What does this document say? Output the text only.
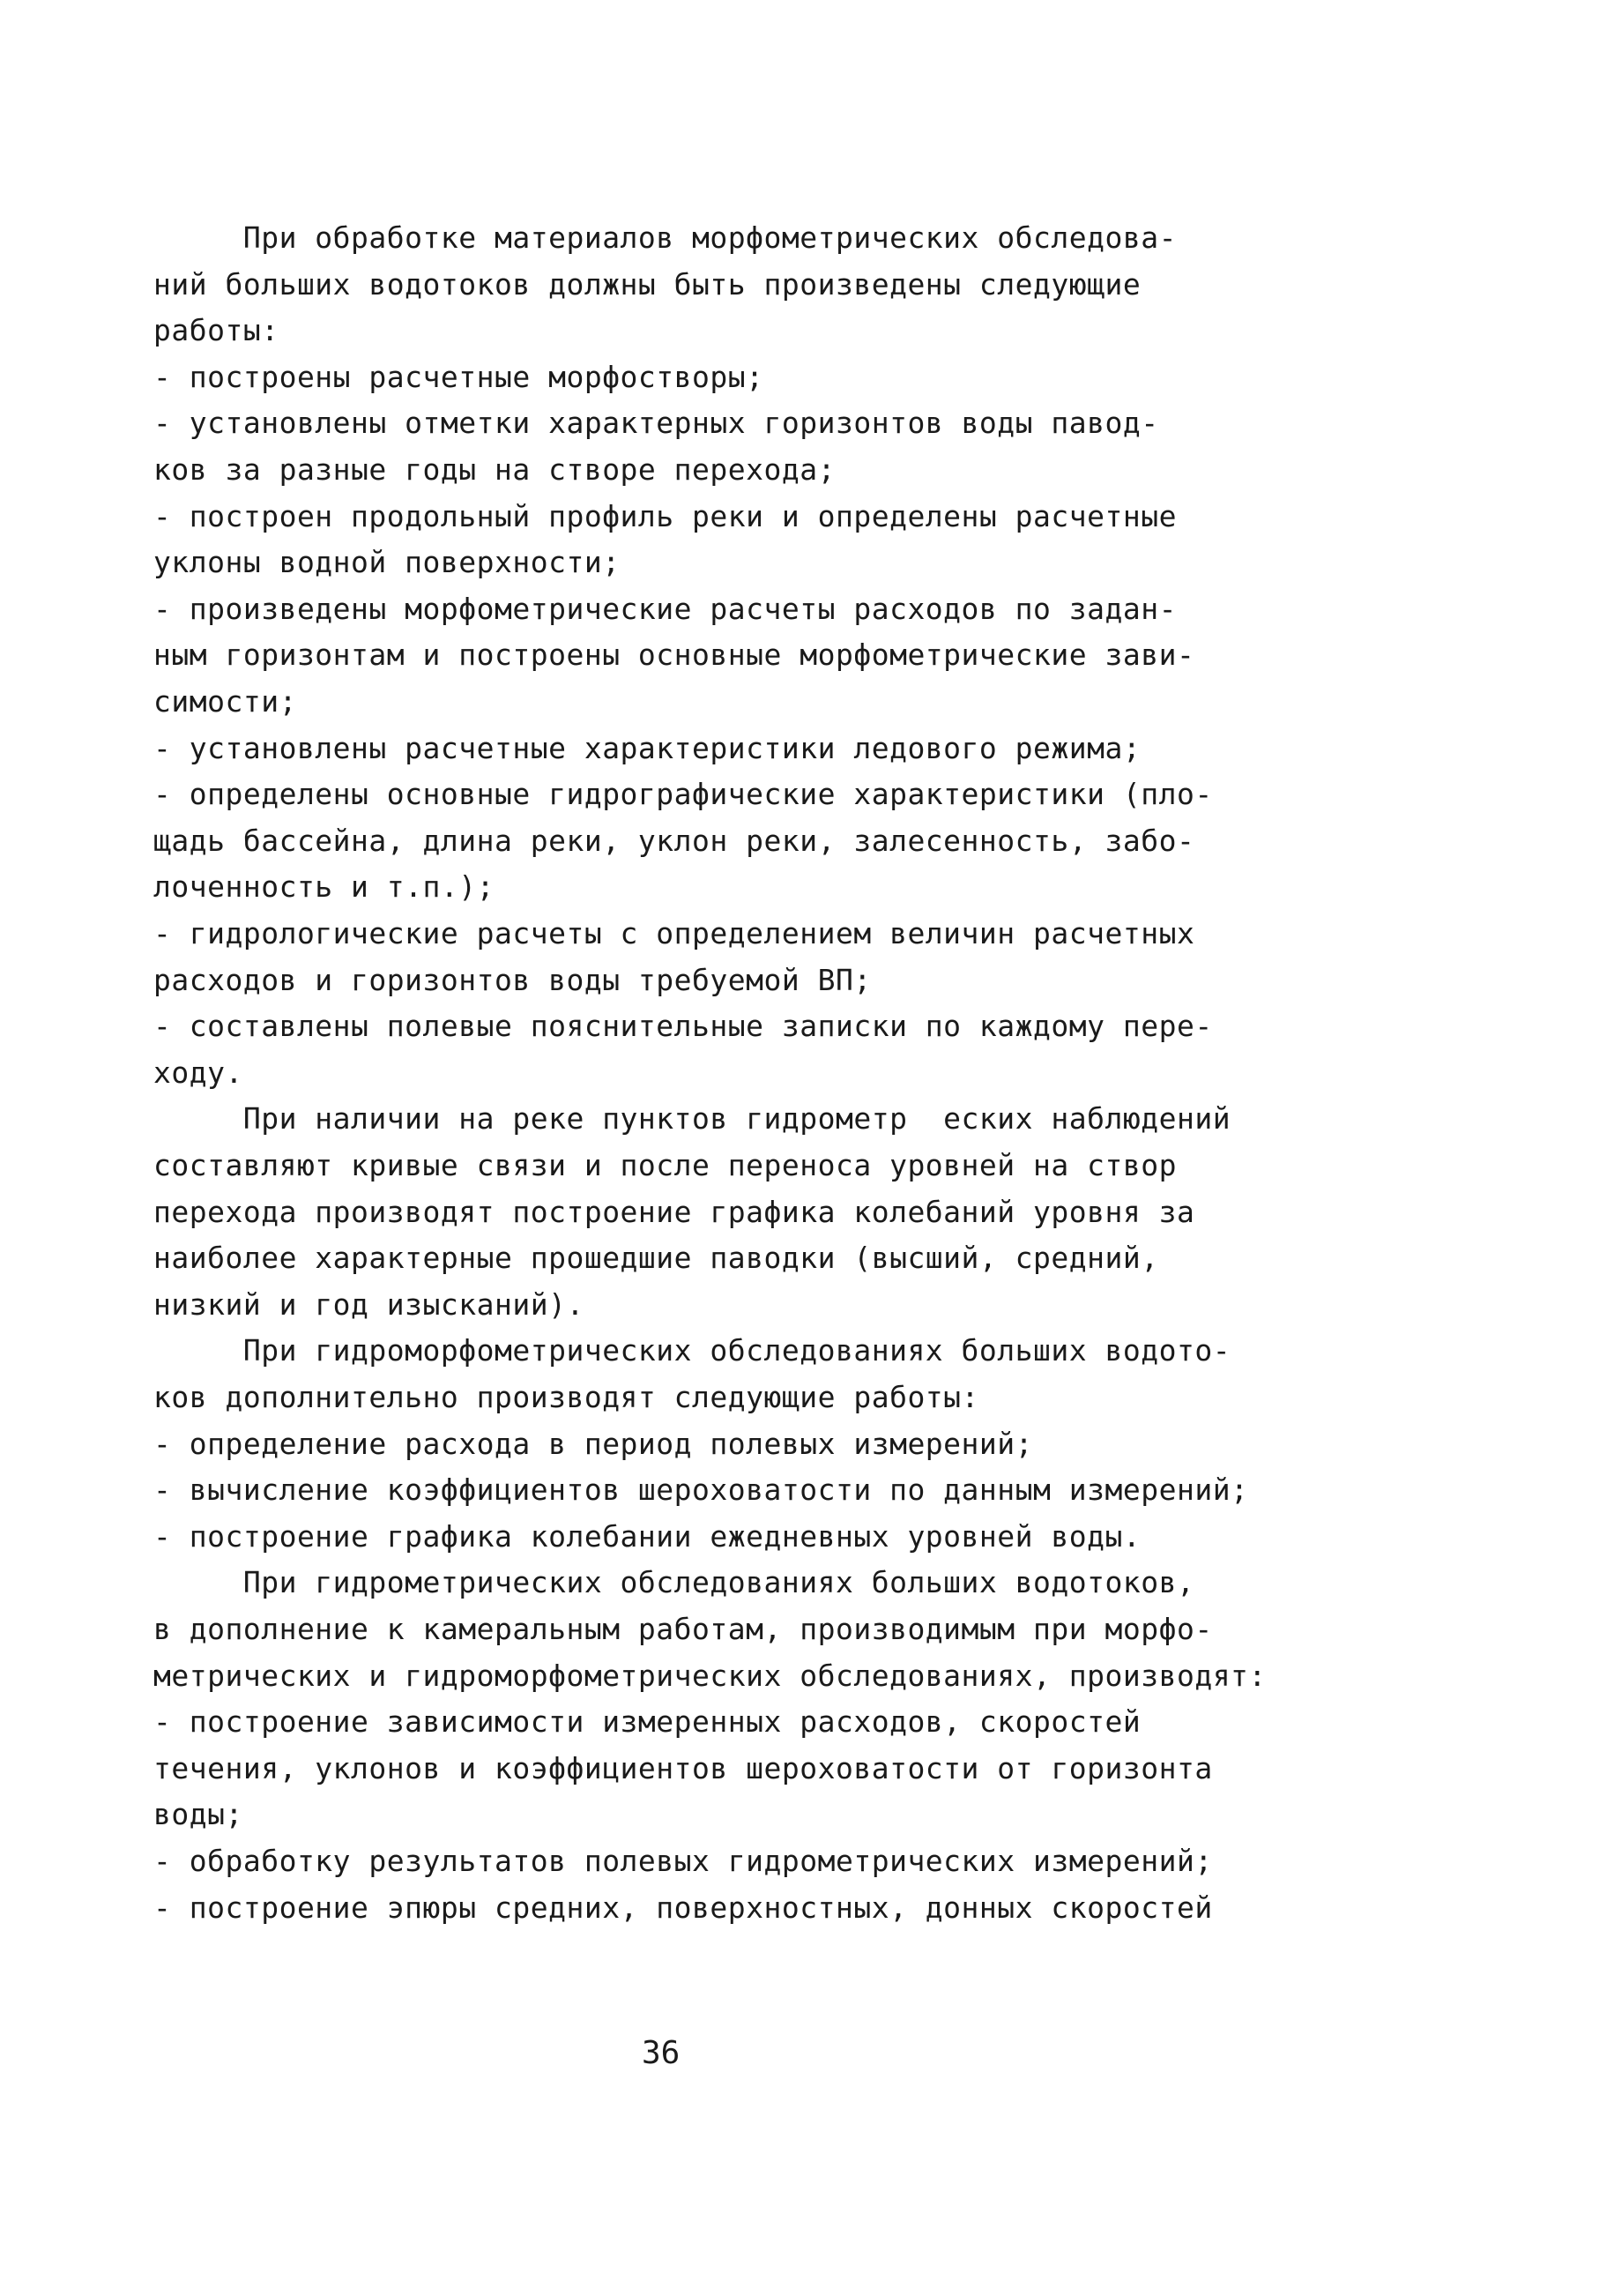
При обработке материалов морфометрических обследова-
ний больших водотоков должны быть произведены следующие
работы:
- построены расчетные морфостворы;
- установлены отметки характерных горизонтов воды павод-
ков за разные годы на створе перехода;
- построен продольный профиль реки и определены расчетные
уклоны водной поверхности;
- произведены морфометрические расчеты расходов по задан-
ным горизонтам и построены основные морфометрические зави-
симости;
- установлены расчетные характеристики ледового режима;
- определены основные гидрографические характеристики (пло-
щадь бассейна, длина реки, уклон реки, залесенность, забо-
лоченность и т.п.);
- гидрологические расчеты с определением величин расчетных
расходов и горизонтов воды требуемой ВП;
- составлены полевые пояснительные записки по каждому пере-
ходу.
При наличии на реке пунктов гидрометр  еских наблюдений
составляют кривые связи и после переноса уровней на створ
перехода производят построение графика колебаний уровня за
наиболее характерные прошедшие паводки (высший, средний,
низкий и год изысканий).
При гидроморфометрических обследованиях больших водото-
ков дополнительно производят следующие работы:
- определение расхода в период полевых измерений;
- вычисление коэффициентов шероховатости по данным измерений;
- построение графика колебании ежедневных уровней воды.
При гидрометрических обследованиях больших водотоков,
в дополнение к камеральным работам, производимым при морфо-
метрических и гидроморфометрических обследованиях, производят:
- построение зависимости измеренных расходов, скоростей
течения, уклонов и коэффициентов шероховатости от горизонта
воды;
- обработку результатов полевых гидрометрических измерений;
- построение эпюры средних, поверхностных, донных скоростей
36
